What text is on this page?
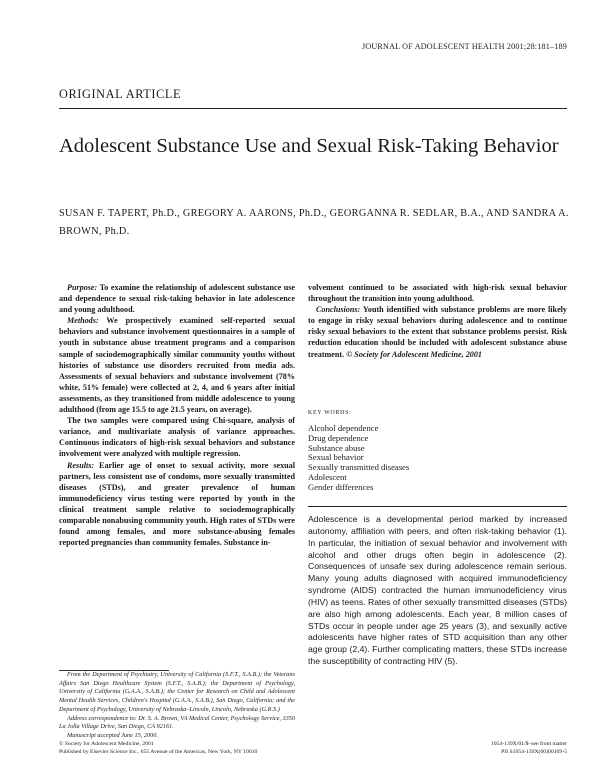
JOURNAL OF ADOLESCENT HEALTH 2001;28:181–189
ORIGINAL ARTICLE
Adolescent Substance Use and Sexual Risk-Taking Behavior
SUSAN F. TAPERT, Ph.D., GREGORY A. AARONS, Ph.D., GEORGANNA R. SEDLAR, B.A., AND SANDRA A. BROWN, Ph.D.

Purpose: To examine the relationship of adolescent substance use and dependence to sexual risk-taking behavior in late adolescence and young adulthood.

Methods: We prospectively examined self-reported sexual behaviors and substance involvement questionnaires in a sample of youth in substance abuse treatment programs and a comparison sample of sociodemographically similar community youths without histories of substance use disorders recruited from media ads. Assessments of sexual behaviors and substance involvement (78% white, 51% female) were collected at 2, 4, and 6 years after initial assessments, as they transitioned from middle adolescence to young adulthood (from age 15.5 to age 21.5 years, on average).

The two samples were compared using Chi-square, analysis of variance, and multivariate analysis of variance approaches. Continuous indicators of high-risk sexual behaviors and substance involvement were analyzed with multiple regression.

Results: Earlier age of onset to sexual activity, more sexual partners, less consistent use of condoms, more sexually transmitted diseases (STDs), and greater prevalence of human immunodeficiency virus testing were reported by youth in the clinical treatment sample relative to sociodemographically comparable nonabusing community youth. High rates of STDs were found among females, and more substance-abusing females reported pregnancies than community females. Substance in-

volvement continued to be associated with high-risk sexual behavior throughout the transition into young adulthood.

Conclusions: Youth identified with substance problems are more likely to engage in risky sexual behaviors during adolescence and to continue risky sexual behaviors to the extent that substance problems persist. Risk reduction education should be included with adolescent substance abuse treatment. © Society for Adolescent Medicine, 2001

KEY WORDS:
Alcohol dependence
Drug dependence
Substance abuse
Sexual behavior
Sexually transmitted diseases
Adolescent
Gender differences

Adolescence is a developmental period marked by increased autonomy, affiliation with peers, and often risk-taking behavior (1). In particular, the initiation of sexual behavior and involvement with alcohol and other drugs often begin in adolescence (2). Consequences of unsafe sex during adolescence remain serious. Many young adults diagnosed with acquired immunodeficiency syndrome (AIDS) contracted the human immunodeficiency virus (HIV) as teens. Rates of other sexually transmitted diseases (STDs) are also high among adolescents. Each year, 8 million cases of STDs occur in people under age 25 years (3), and sexually active adolescents have higher rates of STD acquisition than any other age group (2,4). Further complicating matters, these STDs increase the susceptibility of contracting HIV (5).

From the Department of Psychiatry, University of California (S.F.T., S.A.B.); the Veterans Affairs San Diego Healthcare System (S.F.T., S.A.B.); the Department of Psychology, University of California (G.A.A., S.A.B.); the Center for Research on Child and Adolescent Mental Health Services, Children's Hospital (G.A.A., S.A.B.), San Diego, California; and the Department of Psychology, University of Nebraska–Lincoln, Lincoln, Nebraska (G.R.S.)

Address correspondence to: Dr. S. A. Brown, VA Medical Center, Psychology Service, 3350 La Jolla Village Drive, San Diego, CA 92161.

Manuscript accepted June 15, 2000.

© Society for Adolescent Medicine, 2001
Published by Elsevier Science Inc., 655 Avenue of the Americas, New York, NY 10010
1054-139X/01/$–see front matter
PII S1054-139X(00)00169-5
